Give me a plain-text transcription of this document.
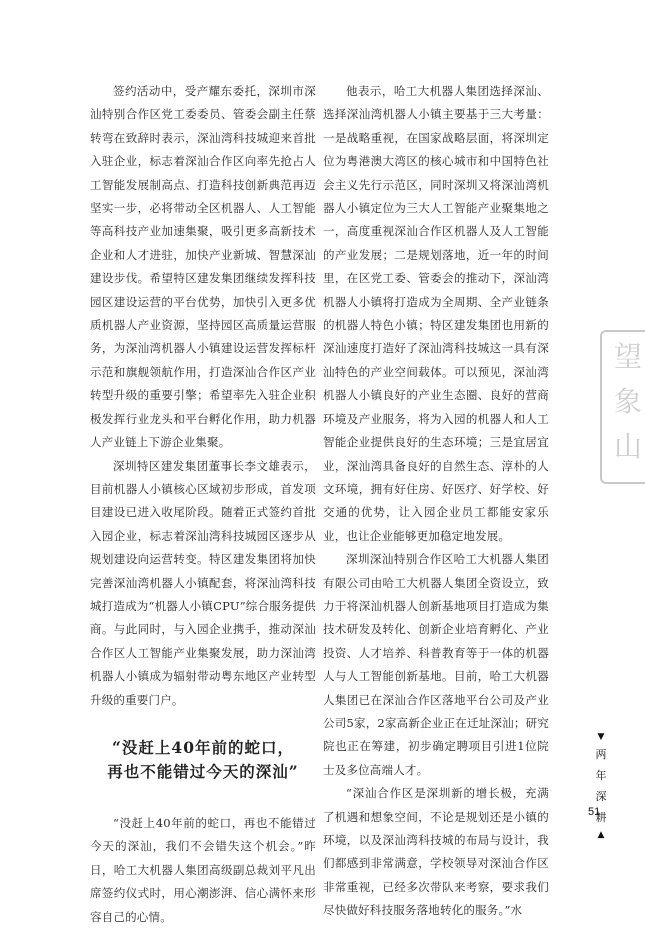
签约活动中，受产耀东委托，深圳市深汕特别合作区党工委委员、管委会副主任蔡转弯在致辞时表示，深汕湾科技城迎来首批入驻企业，标志着深汕合作区向率先抢占人工智能发展制高点、打造科技创新典范再迈坚实一步，必将带动全区机器人、人工智能等高科技产业加速集聚，吸引更多高新技术企业和人才进驻，加快产业新城、智慧深汕建设步伐。希望特区建发集团继续发挥科技园区建设运营的平台优势，加快引入更多优质机器人产业资源，坚持园区高质量运营服务，为深汕湾机器人小镇建设运营发挥标杆示范和旗舰领航作用，打造深汕合作区产业转型升级的重要引擎；希望率先入驻企业积极发挥行业龙头和平台孵化作用，助力机器人产业链上下游企业集聚。

深圳特区建发集团董事长李文雄表示，目前机器人小镇核心区域初步形成，首发项目建设已进入收尾阶段。随着正式签约首批入园企业，标志着深汕湾科技城园区逐步从规划建设向运营转变。特区建发集团将加快完善深汕湾机器人小镇配套，将深汕湾科技城打造成为“机器人小镇CPU”综合服务提供商。与此同时，与入园企业携手，推动深汕合作区人工智能产业集聚发展，助力深汕湾机器人小镇成为辐射带动粤东地区产业转型升级的重要门户。

“没赶上40年前的蛇口，
再也不能错过今天的深汕”

“没赶上40年前的蛇口，再也不能错过今天的深汕，我们不会错失这个机会。”昨日，哈工大机器人集团高级副总裁刘平凡出席签约仪式时，用心潮澎湃、信心满怀来形容自己的心情。

他表示，哈工大机器人集团选择深汕、选择深汕湾机器人小镇主要基于三大考量：一是战略重视，在国家战略层面，将深圳定位为粤港澳大湾区的核心城市和中国特色社会主义先行示范区，同时深圳又将深汕湾机器人小镇定位为三大人工智能产业聚集地之一，高度重视深汕合作区机器人及人工智能的产业发展；二是规划落地，近一年的时间里，在区党工委、管委会的推动下，深汕湾机器人小镇将打造成为全周期、全产业链条的机器人特色小镇；特区建发集团也用新的深汕速度打造好了深汕湾科技城这一具有深汕特色的产业空间载体。可以预见，深汕湾机器人小镇良好的产业生态圈、良好的营商环境及产业服务，将为入园的机器人和人工智能企业提供良好的生态环境；三是宜居宜业，深汕湾具备良好的自然生态、淳朴的人文环境，拥有好住房、好医疗、好学校、好交通的优势，让入园企业员工都能安家乐业，也让企业能够更加稳定地发展。

深圳深汕特别合作区哈工大机器人集团有限公司由哈工大机器人集团全资设立，致力于将深汕机器人创新基地项目打造成为集技术研发及转化、创新企业培育孵化、产业投资、人才培养、科普教育等于一体的机器人与人工智能创新基地。目前，哈工大机器人集团已在深汕合作区落地平台公司及产业公司5家，2家高新企业正在迁址深汕；研究院也正在筹建，初步确定聘项目引进1位院士及多位高端人才。

“深汕合作区是深圳新的增长极，充满了机遇和想象空间，不论是规划还是小镇的环境，以及深汕湾科技城的布局与设计，我们都感到非常满意，学校领导对深汕合作区非常重视，已经多次带队来考察，要求我们尽快做好科技服务落地转化的服务。”水

望
象
山
▼
两
年
深
耕
▲
51
